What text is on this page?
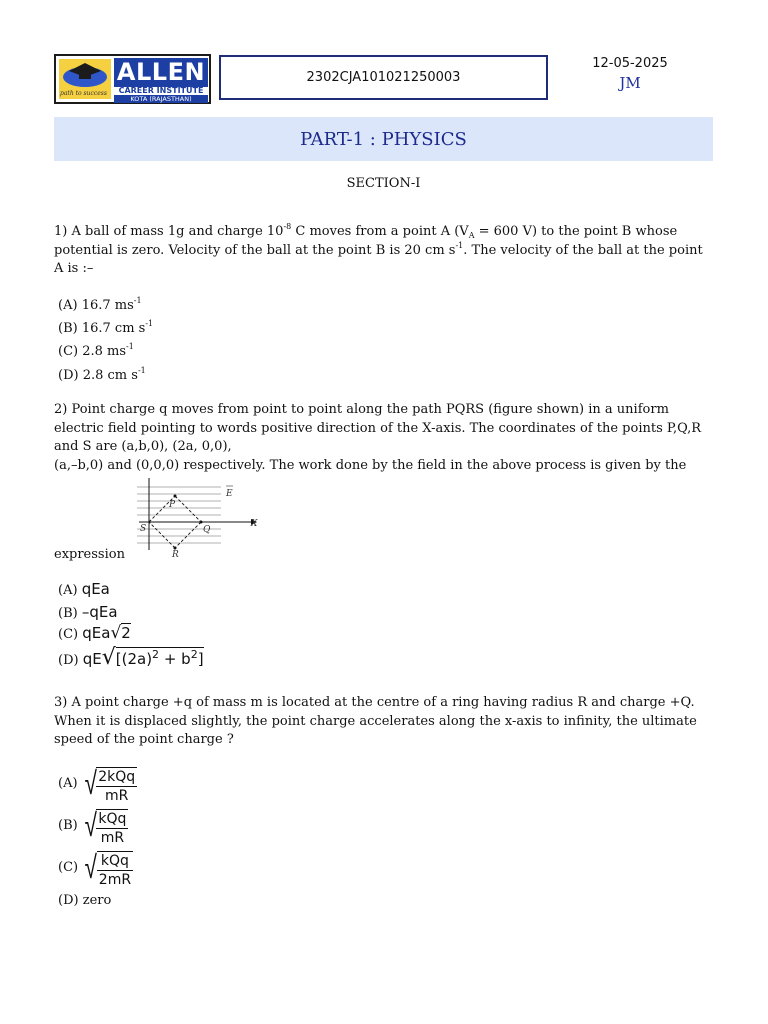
ALLEN
CAREER INSTITUTE
KOTA (RAJASTHAN)
path to success
2302CJA101021250003
12-05-2025
JM
PART-1 : PHYSICS
SECTION-I
1) A ball of mass 1g and charge $10^{-8}$ C moves from a point A ($V_A = 600$ V) to the point B whose potential is zero. Velocity of the ball at the point B is 20 cm $s^{-1}$. The velocity of the ball at the point A is :–
(A) 16.7 $ms^{-1}$
(B) 16.7 cm $s^{-1}$
(C) 2.8 $ms^{-1}$
(D) 2.8 cm $s^{-1}$
2) Point charge q moves from point to point along the path PQRS (figure shown) in a uniform electric field pointing to words positive direction of the X-axis. The coordinates of the points P,Q,R and S are (a,b,0), (2a, 0,0),
(a,–b,0) and (0,0,0) respectively. The work done by the field in the above process is given by the
P
Q
R
S	X
E
expression
(A) qEa
(B) –qEa
(C) qEa√2
(D) $qE√[(2a)^2 + b^2]$
3) A point charge +q of mass m is located at the centre of a ring having radius R and charge +Q. When it is displaced slightly, the point charge accelerates along the x-axis to infinity, the ultimate speed of the point charge ?
(A) √ $\frac{\text{2kQq}}{mR}$
(B) √ $\frac{\text{kQq}}{mR}$
(C) √ $\frac{\text{kQq}}{2mR}$
(D) zero
